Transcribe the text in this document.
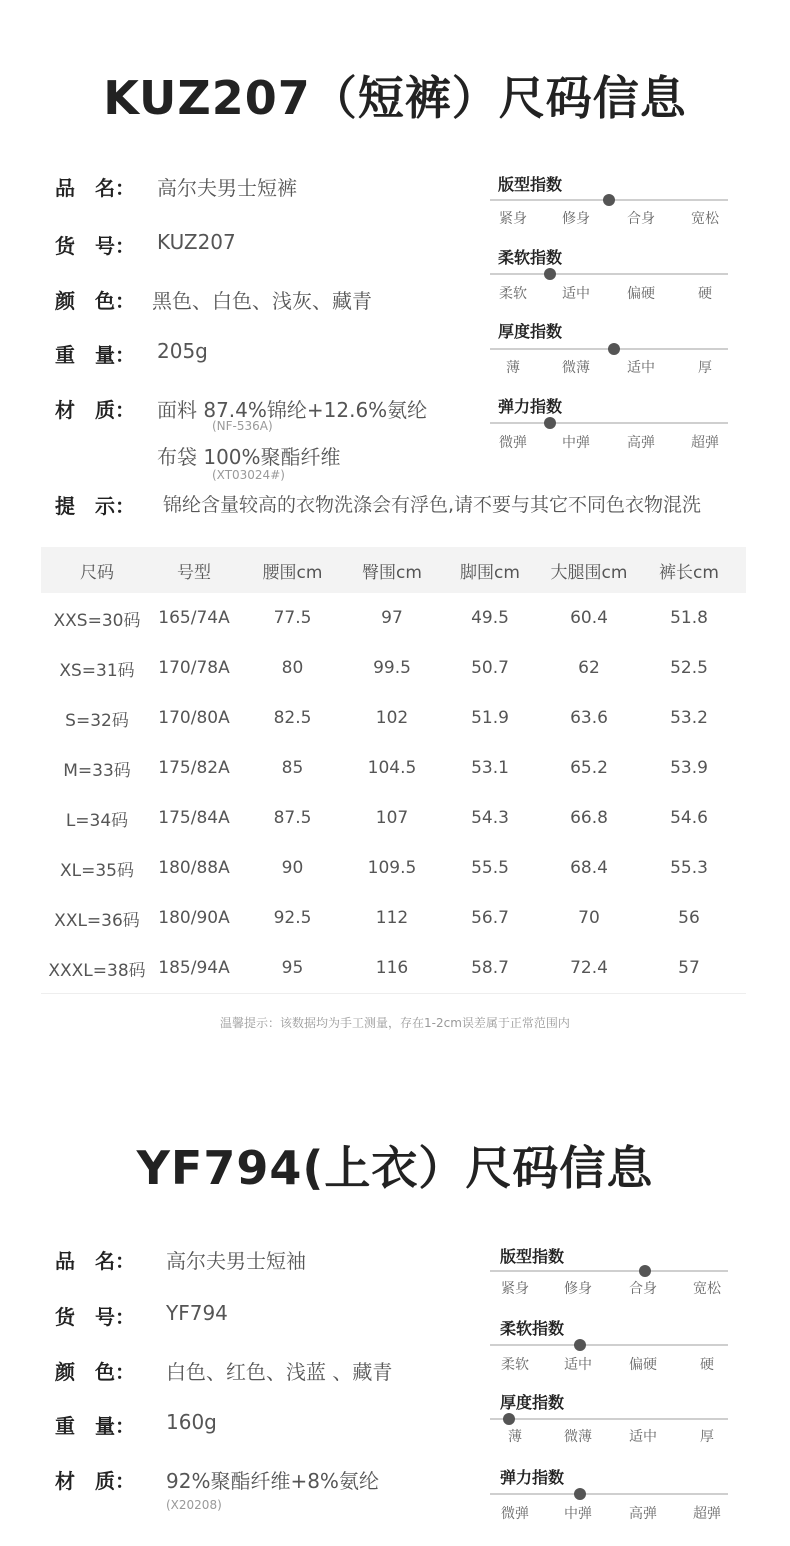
KUZ207（短裤）尺码信息
品　名： 高尔夫男士短裤
货　号： KUZ207
颜　色： 黑色、白色、浅灰、藏青
重　量： 205g
材　质： 面料 87.4%锦纶+12.6%氨纶
(NF-536A)
布袋 100%聚酯纤维
(XT03024#)
提　示： 锦纶含量较高的衣物洗涤会有浮色,请不要与其它不同色衣物混洗
版型指数
紧身	修身	合身	宽松
柔软指数
柔软	适中	偏硬	硬
厚度指数
薄	微薄	适中	厚
弹力指数
微弹	中弹	高弹	超弹
尺码	号型	腰围cm	臀围cm	脚围cm	大腿围cm	裤长cm
XXS=30码	165/74A	77.5	97	49.5	60.4	51.8
XS=31码	170/78A	80	99.5	50.7	62	52.5
S=32码	170/80A	82.5	102	51.9	63.6	53.2
M=33码	175/82A	85	104.5	53.1	65.2	53.9
L=34码	175/84A	87.5	107	54.3	66.8	54.6
XL=35码	180/88A	90	109.5	55.5	68.4	55.3
XXL=36码	180/90A	92.5	112	56.7	70	56
XXXL=38码 185/94A	95	116	58.7	72.4	57
温馨提示：该数据均为手工测量，存在1-2cm误差属于正常范围内
YF794(上衣）尺码信息
品　名： 高尔夫男士短袖
货　号： YF794
颜　色： 白色、红色、浅蓝 、藏青
重　量： 160g
材　质： 92%聚酯纤维+8%氨纶
(X20208)
版型指数
紧身	修身	合身	宽松
柔软指数
柔软	适中	偏硬	硬
厚度指数
薄	微薄	适中	厚
弹力指数
微弹	中弹	高弹	超弹
